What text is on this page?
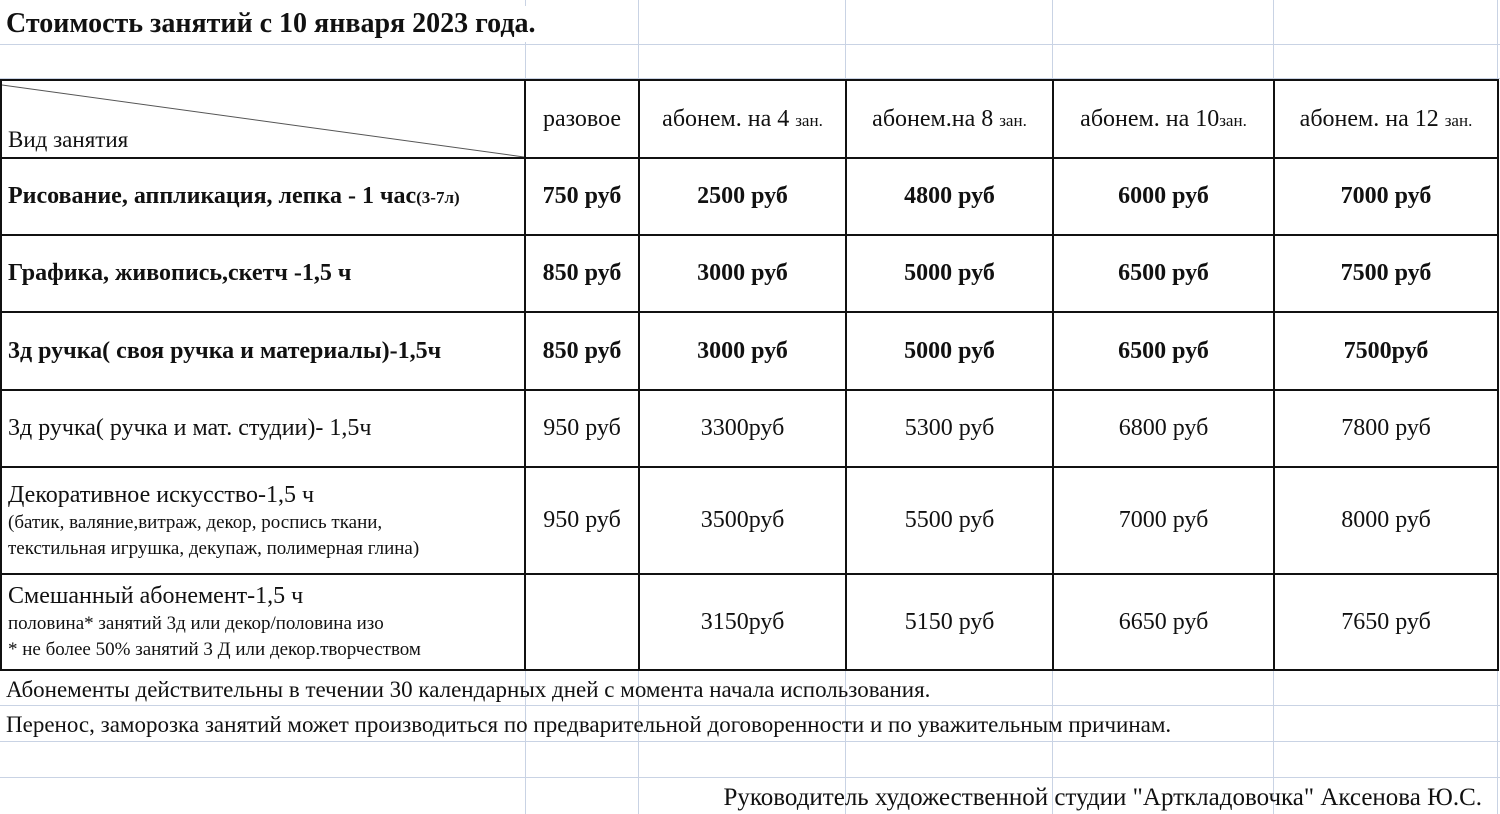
Стоимость занятий с 10 января 2023 года.
Вид занятия	разовое	абонем. на 4 зан.	абонем.на 8 зан.	абонем. на 10зан.	абонем. на 12 зан.
Рисование, аппликация, лепка - 1 час(3-7л)	750 руб	2500 руб	4800 руб	6000 руб	7000 руб
Графика, живопись,скетч -1,5 ч	850 руб	3000 руб	5000 руб	6500 руб	7500 руб
3д ручка( своя ручка и материалы)-1,5ч	850 руб	3000 руб	5000 руб	6500 руб	7500руб
3д ручка( ручка и мат. студии)- 1,5ч	950 руб	3300руб	5300 руб	6800 руб	7800 руб

Декоративное искусство-1,5 ч
(батик, валяние,витраж, декор, роспись ткани,
текстильная игрушка, декупаж, полимерная глина)	950 руб	3500руб	5500 руб	7000 руб	8000 руб

Смешанный абонемент-1,5 ч
половина* занятий 3д или декор/половина изо
* не более 50% занятий 3 Д или декор.творчеством		3150руб	5150 руб	6650 руб	7650 руб
Абонементы действительны в течении 30 календарных дней с момента начала использования.
Перенос, заморозка занятий может производиться по предварительной договоренности и по уважительным причинам.
Руководитель художественной студии "Арткладовочка" Аксенова Ю.С.
